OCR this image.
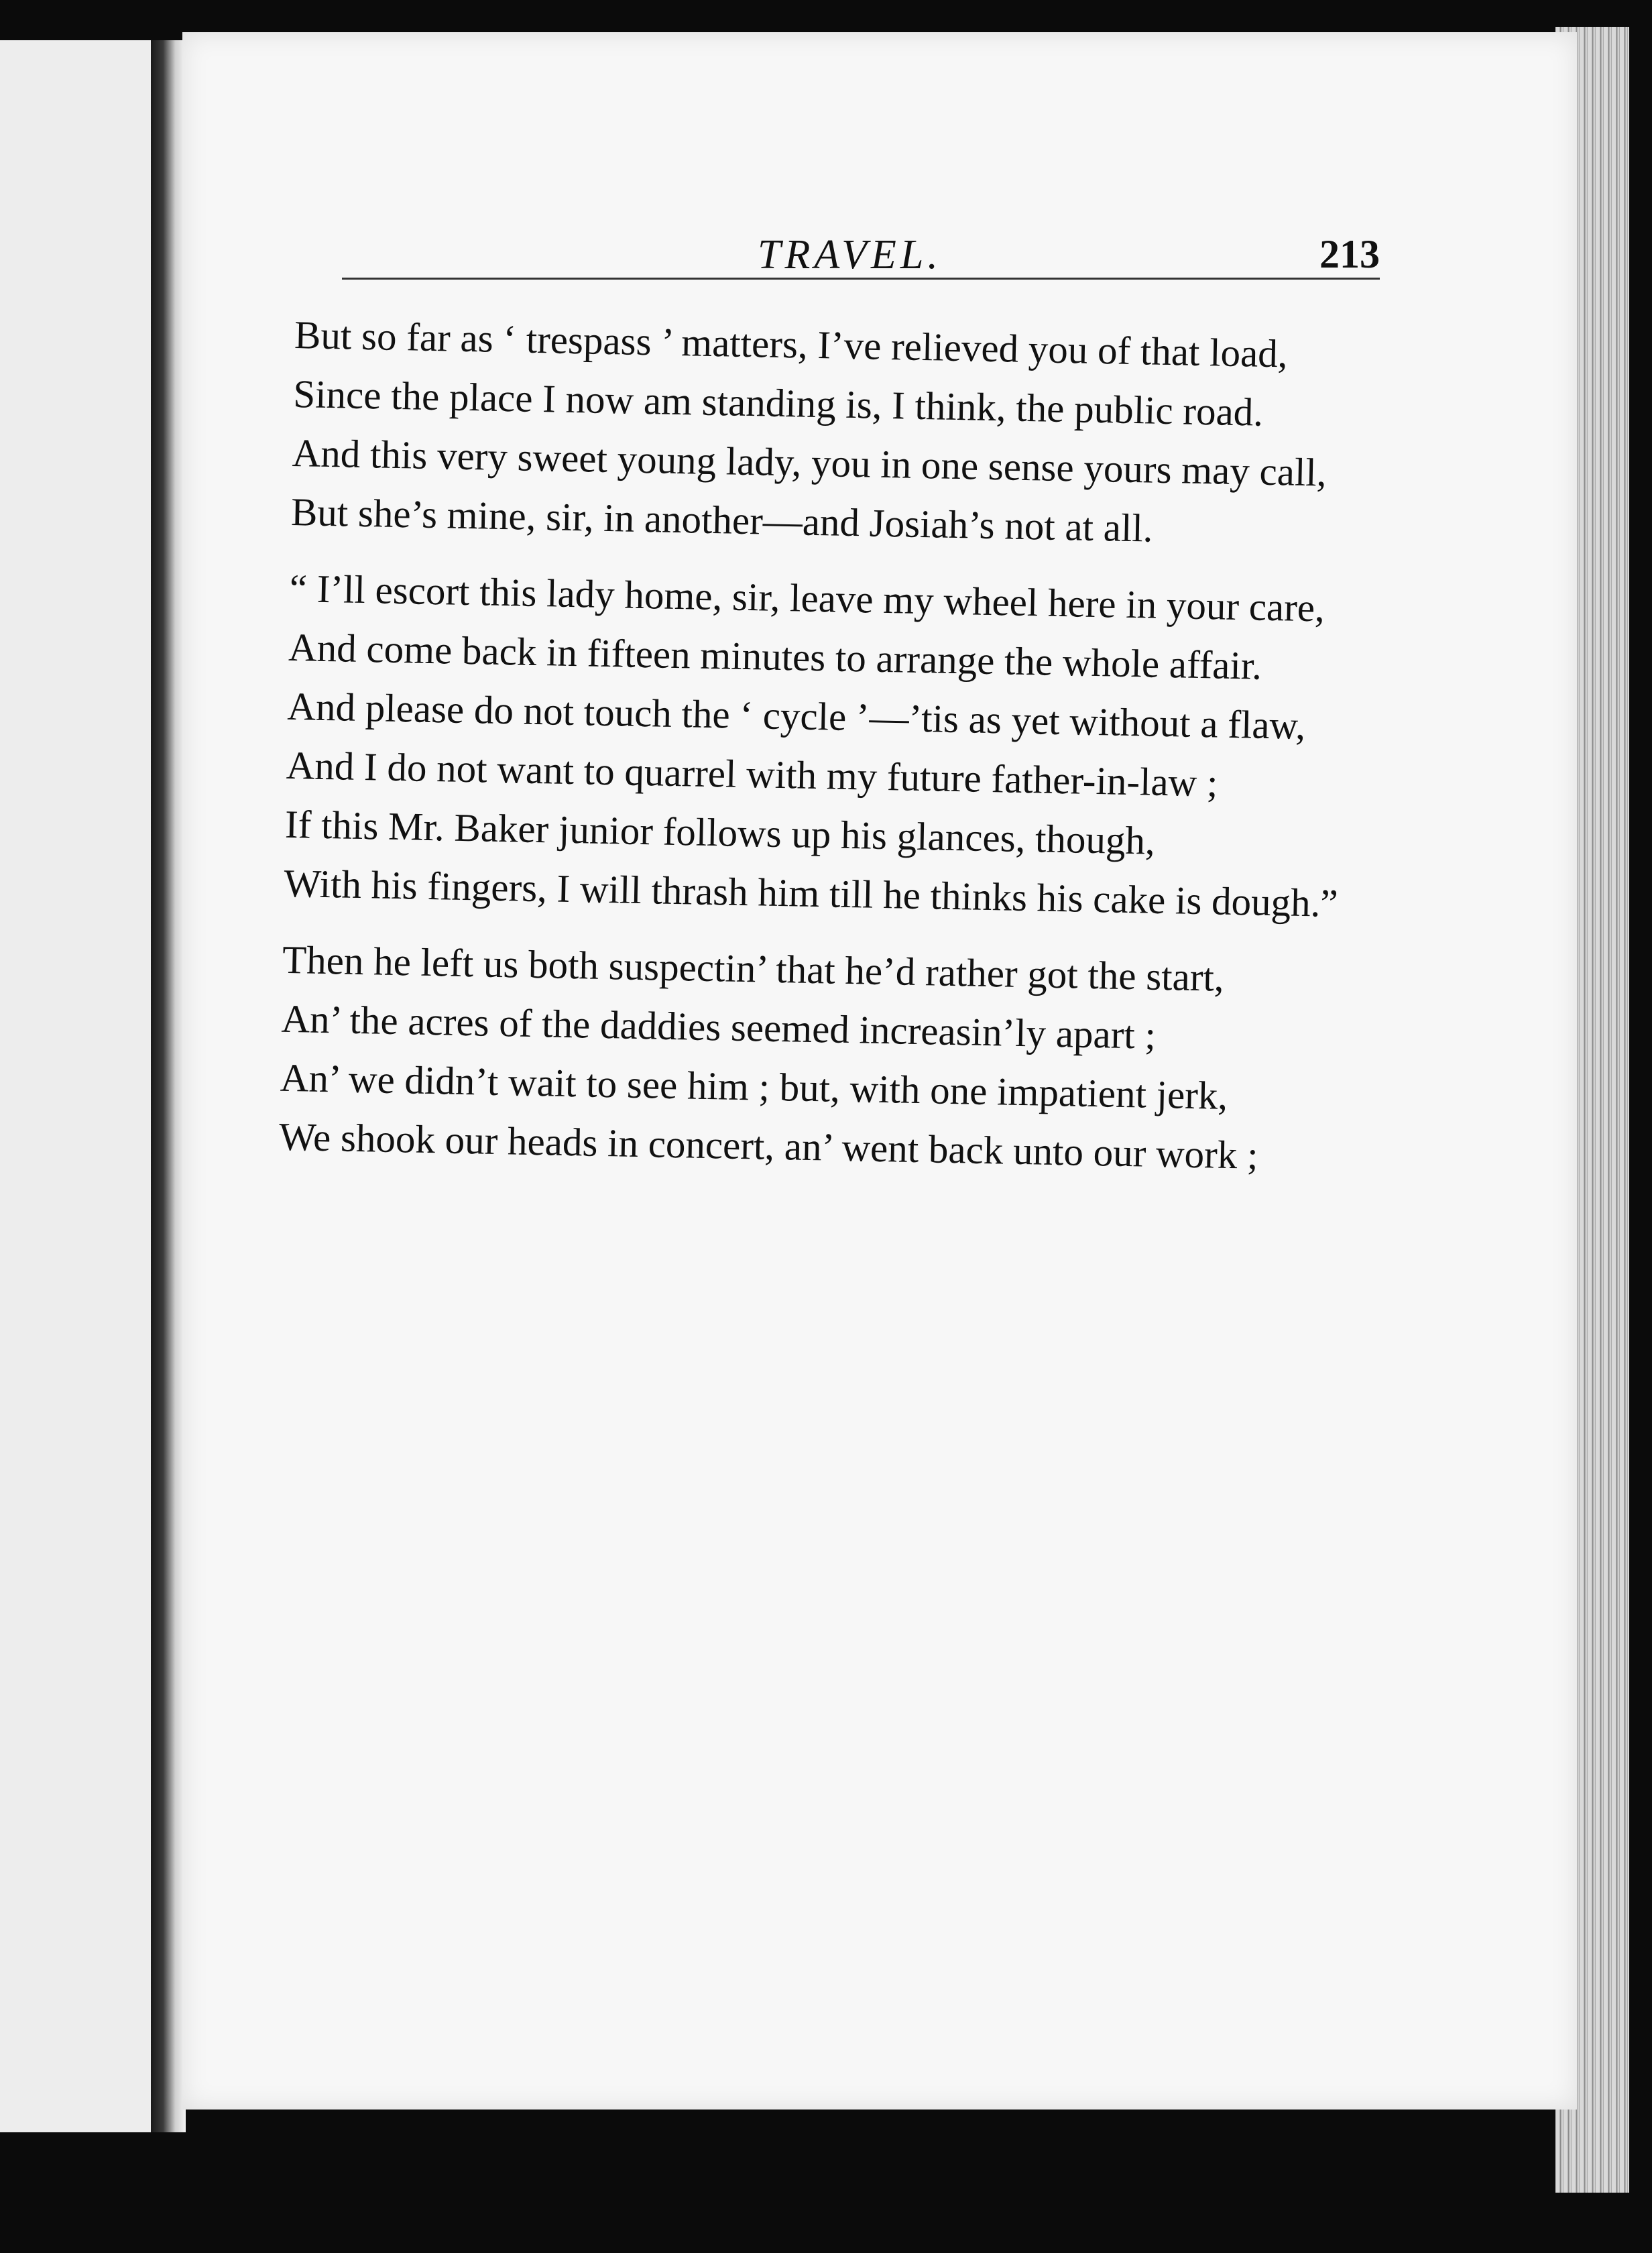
TRAVEL.	213
But so far as ‘ trespass ’ matters, I’ve relieved you of that load,
Since the place I now am standing is, I think, the public road.
And this very sweet young lady, you in one sense yours may call,
But she’s mine, sir, in another—and Josiah’s not at all.
“ I’ll escort this lady home, sir, leave my wheel here in your care,
And come back in fifteen minutes to arrange the whole affair.
And please do not touch the ‘ cycle ’—’tis as yet without a flaw,
And I do not want to quarrel with my future father-in-law ;
If this Mr. Baker junior follows up his glances, though,
With his fingers, I will thrash him till he thinks his cake is dough.”
Then he left us both suspectin’ that he’d rather got the start,
An’ the acres of the daddies seemed increasin’ly apart ;
An’ we didn’t wait to see him ; but, with one impatient jerk,
We shook our heads in concert, an’ went back unto our work ;
